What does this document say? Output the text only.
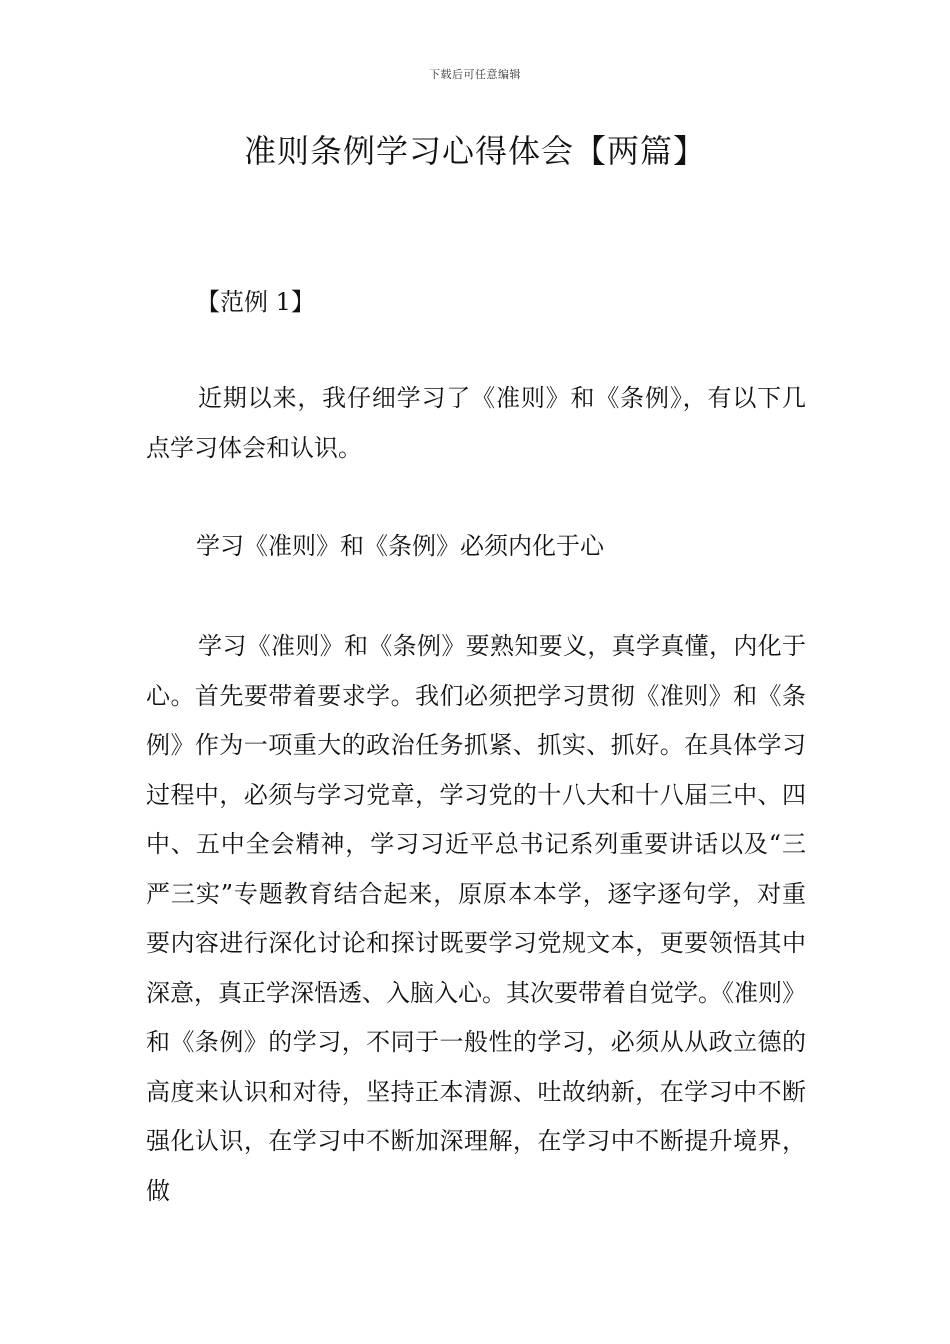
下载后可任意编辑
准则条例学习心得体会【两篇】
【范例 1】

近期以来，我仔细学习了《准则》和《条例》，有以下几点学习体会和认识。

学习《准则》和《条例》必须内化于心

学习《准则》和《条例》要熟知要义，真学真懂，内化于心。首先要带着要求学。我们必须把学习贯彻《准则》和《条例》作为一项重大的政治任务抓紧、抓实、抓好。在具体学习过程中，必须与学习党章，学习党的十八大和十八届三中、四中、五中全会精神，学习习近平总书记系列重要讲话以及“三严三实”专题教育结合起来，原原本本学，逐字逐句学，对重要内容进行深化讨论和探讨既要学习党规文本，更要领悟其中深意，真正学深悟透、入脑入心。其次要带着自觉学。《准则》和《条例》的学习，不同于一般性的学习，必须从从政立德的高度来认识和对待，坚持正本清源、吐故纳新，在学习中不断强化认识，在学习中不断加深理解，在学习中不断提升境界，做
